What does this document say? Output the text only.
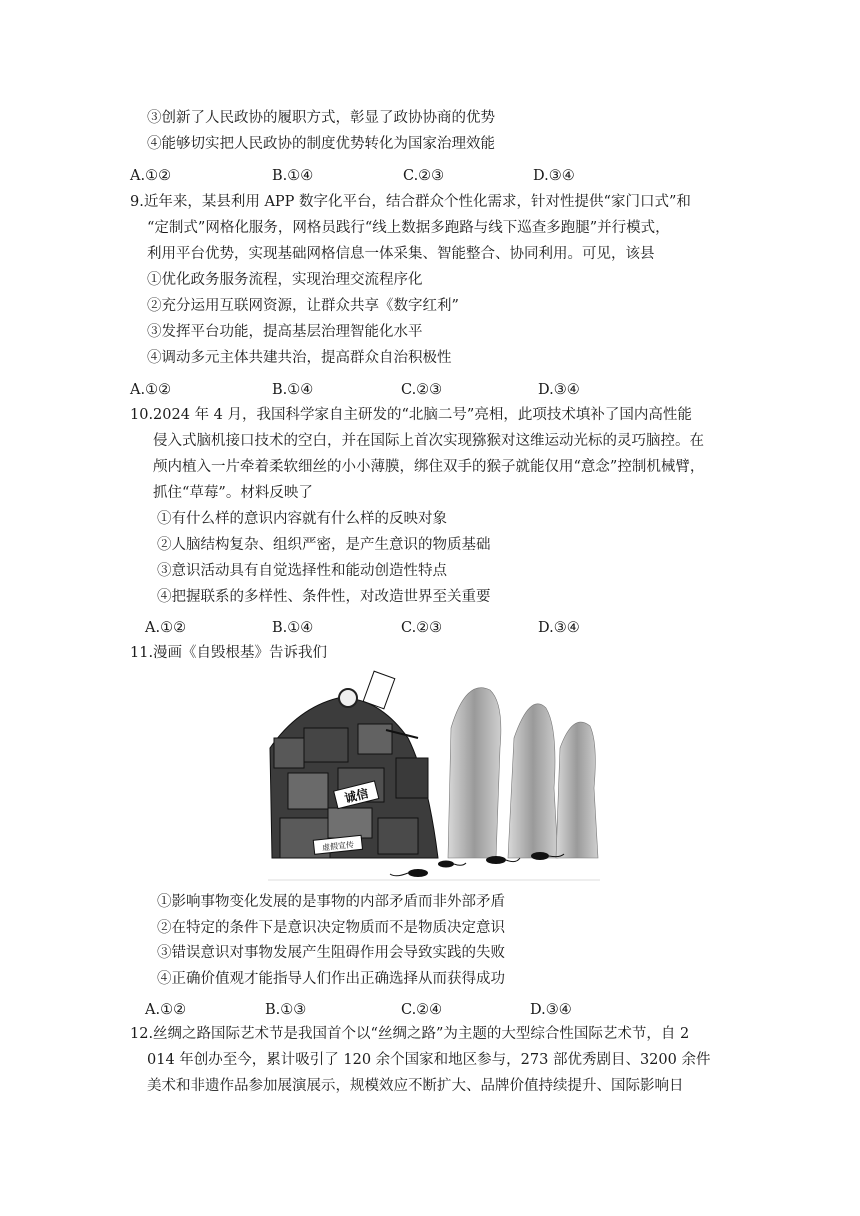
③创新了人民政协的履职方式，彰显了政协协商的优势
④能够切实把人民政协的制度优势转化为国家治理效能
A.①②	B.①④	C.②③	D.③④
9.近年来，某县利用 APP 数字化平台，结合群众个性化需求，针对性提供“家门口式”和
“定制式”网格化服务，网格员践行“线上数据多跑路与线下巡查多跑腿”并行模式，
利用平台优势，实现基础网格信息一体采集、智能整合、协同利用。可见，该县
①优化政务服务流程，实现治理交流程序化
②充分运用互联网资源，让群众共享《数字红利”
③发挥平台功能，提高基层治理智能化水平
④调动多元主体共建共治，提高群众自治积极性
A.①②	B.①④	C.②③	D.③④
10.2024 年 4 月，我国科学家自主研发的“北脑二号”亮相，此项技术填补了国内高性能
侵入式脑机接口技术的空白，并在国际上首次实现猕猴对这维运动光标的灵巧脑控。在
颅内植入一片牵着柔软细丝的小小薄膜，绑住双手的猴子就能仅用“意念”控制机械臂，
抓住“草莓”。材料反映了
①有什么样的意识内容就有什么样的反映对象
②人脑结构复杂、组织严密，是产生意识的物质基础
③意识活动具有自觉选择性和能动创造性特点
④把握联系的多样性、条件性，对改造世界至关重要
A.①②	B.①④	C.②③	D.③④
11.漫画《自毁根基》告诉我们
诚信
虚假宣传
①影响事物变化发展的是事物的内部矛盾而非外部矛盾
②在特定的条件下是意识决定物质而不是物质决定意识
③错误意识对事物发展产生阻碍作用会导致实践的失败
④正确价值观才能指导人们作出正确选择从而获得成功
A.①②	B.①③	C.②④	D.③④
12.丝绸之路国际艺术节是我国首个以“丝绸之路”为主题的大型综合性国际艺术节，自 2
014 年创办至今，累计吸引了 120 余个国家和地区参与，273 部优秀剧目、3200 余件
美术和非遗作品参加展演展示，规模效应不断扩大、品牌价值持续提升、国际影响日
